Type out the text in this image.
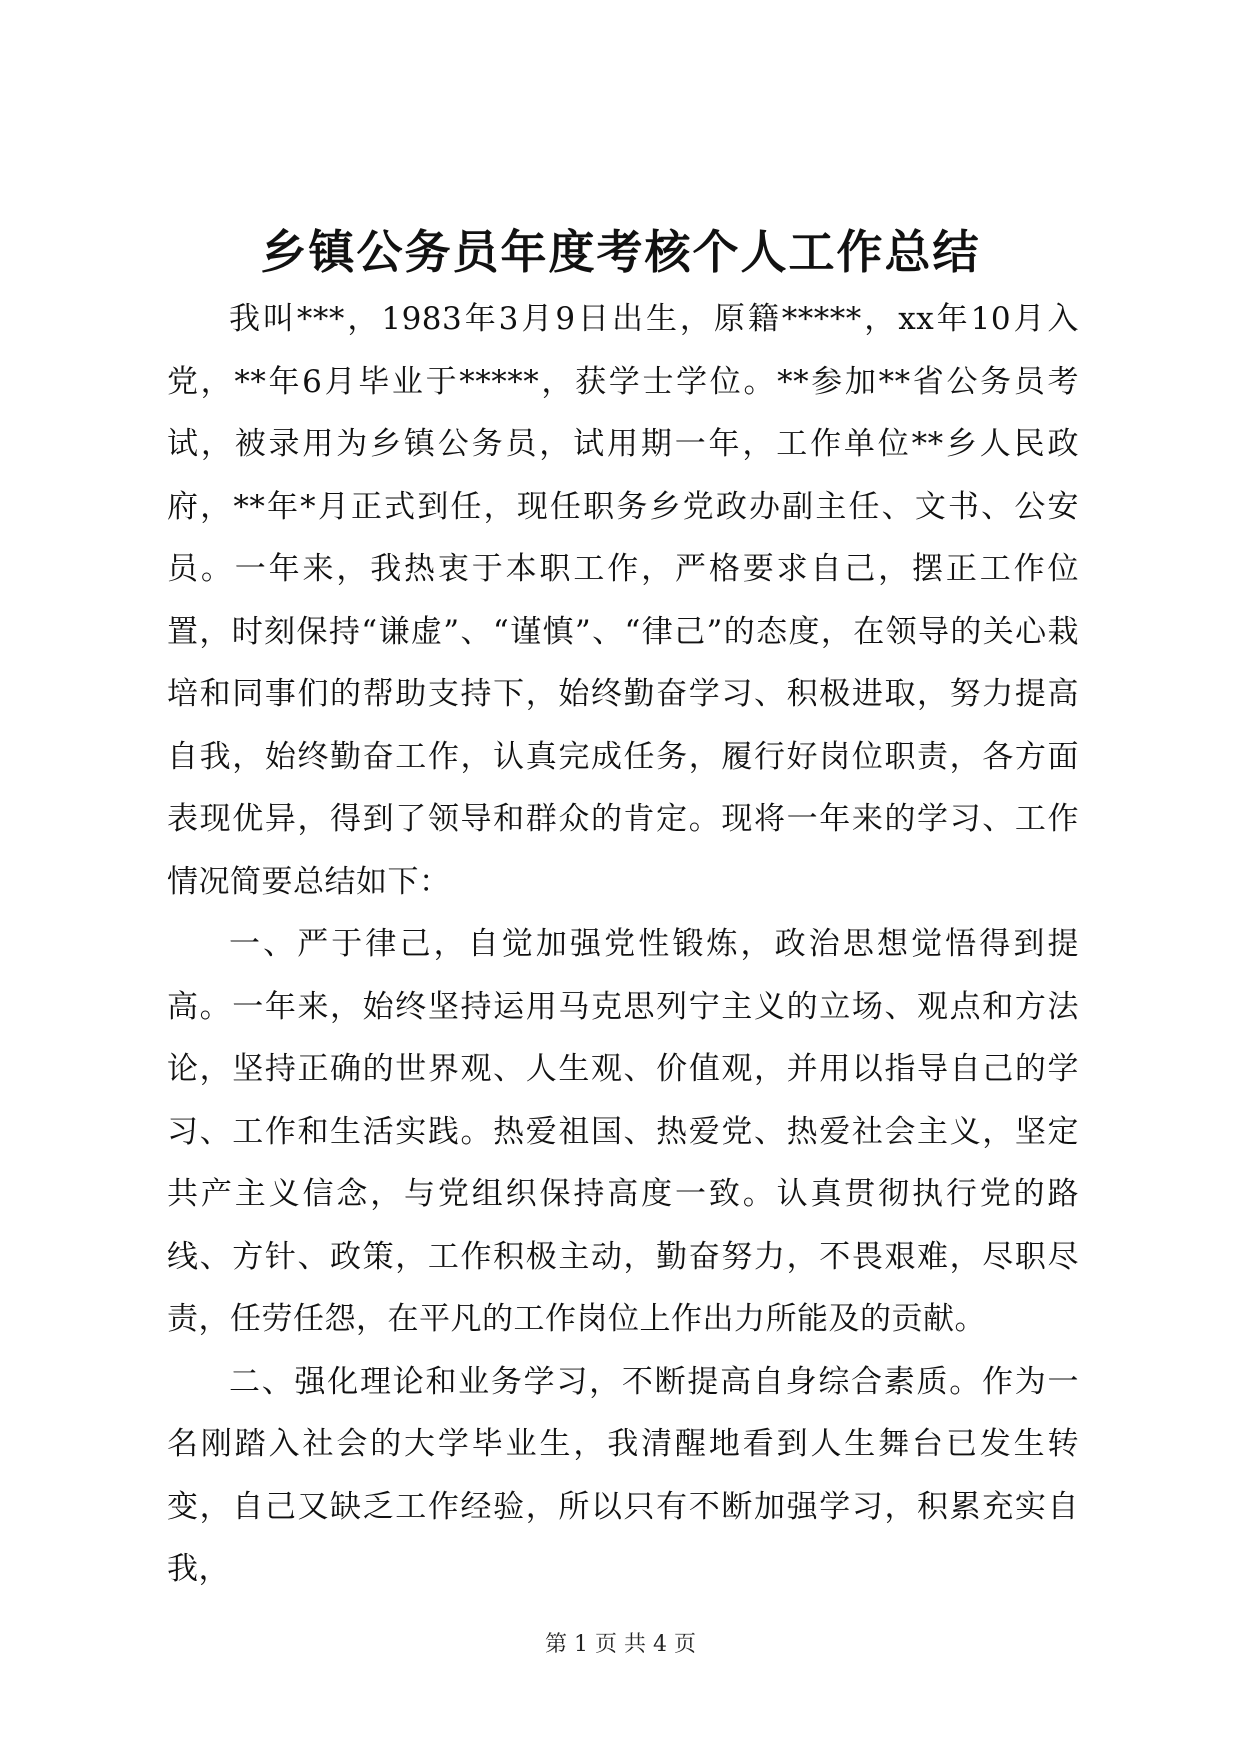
乡镇公务员年度考核个人工作总结

我叫***，1983年3月9日出生，原籍*****，xx年10月入党，**年6月毕业于*****，获学士学位。**参加**省公务员考试，被录用为乡镇公务员，试用期一年，工作单位**乡人民政府，**年*月正式到任，现任职务乡党政办副主任、文书、公安员。一年来，我热衷于本职工作，严格要求自己，摆正工作位置，时刻保持“谦虚”、“谨慎”、“律己”的态度，在领导的关心栽培和同事们的帮助支持下，始终勤奋学习、积极进取，努力提高自我，始终勤奋工作，认真完成任务，履行好岗位职责，各方面表现优异，得到了领导和群众的肯定。现将一年来的学习、工作情况简要总结如下：

一、严于律己，自觉加强党性锻炼，政治思想觉悟得到提高。一年来，始终坚持运用马克思列宁主义的立场、观点和方法论，坚持正确的世界观、人生观、价值观，并用以指导自己的学习、工作和生活实践。热爱祖国、热爱党、热爱社会主义，坚定共产主义信念，与党组织保持高度一致。认真贯彻执行党的路线、方针、政策，工作积极主动，勤奋努力，不畏艰难，尽职尽责，任劳任怨，在平凡的工作岗位上作出力所能及的贡献。

二、强化理论和业务学习，不断提高自身综合素质。作为一名刚踏入社会的大学毕业生，我清醒地看到人生舞台已发生转变，自己又缺乏工作经验，所以只有不断加强学习，积累充实自我，

第 1 页 共 4 页
